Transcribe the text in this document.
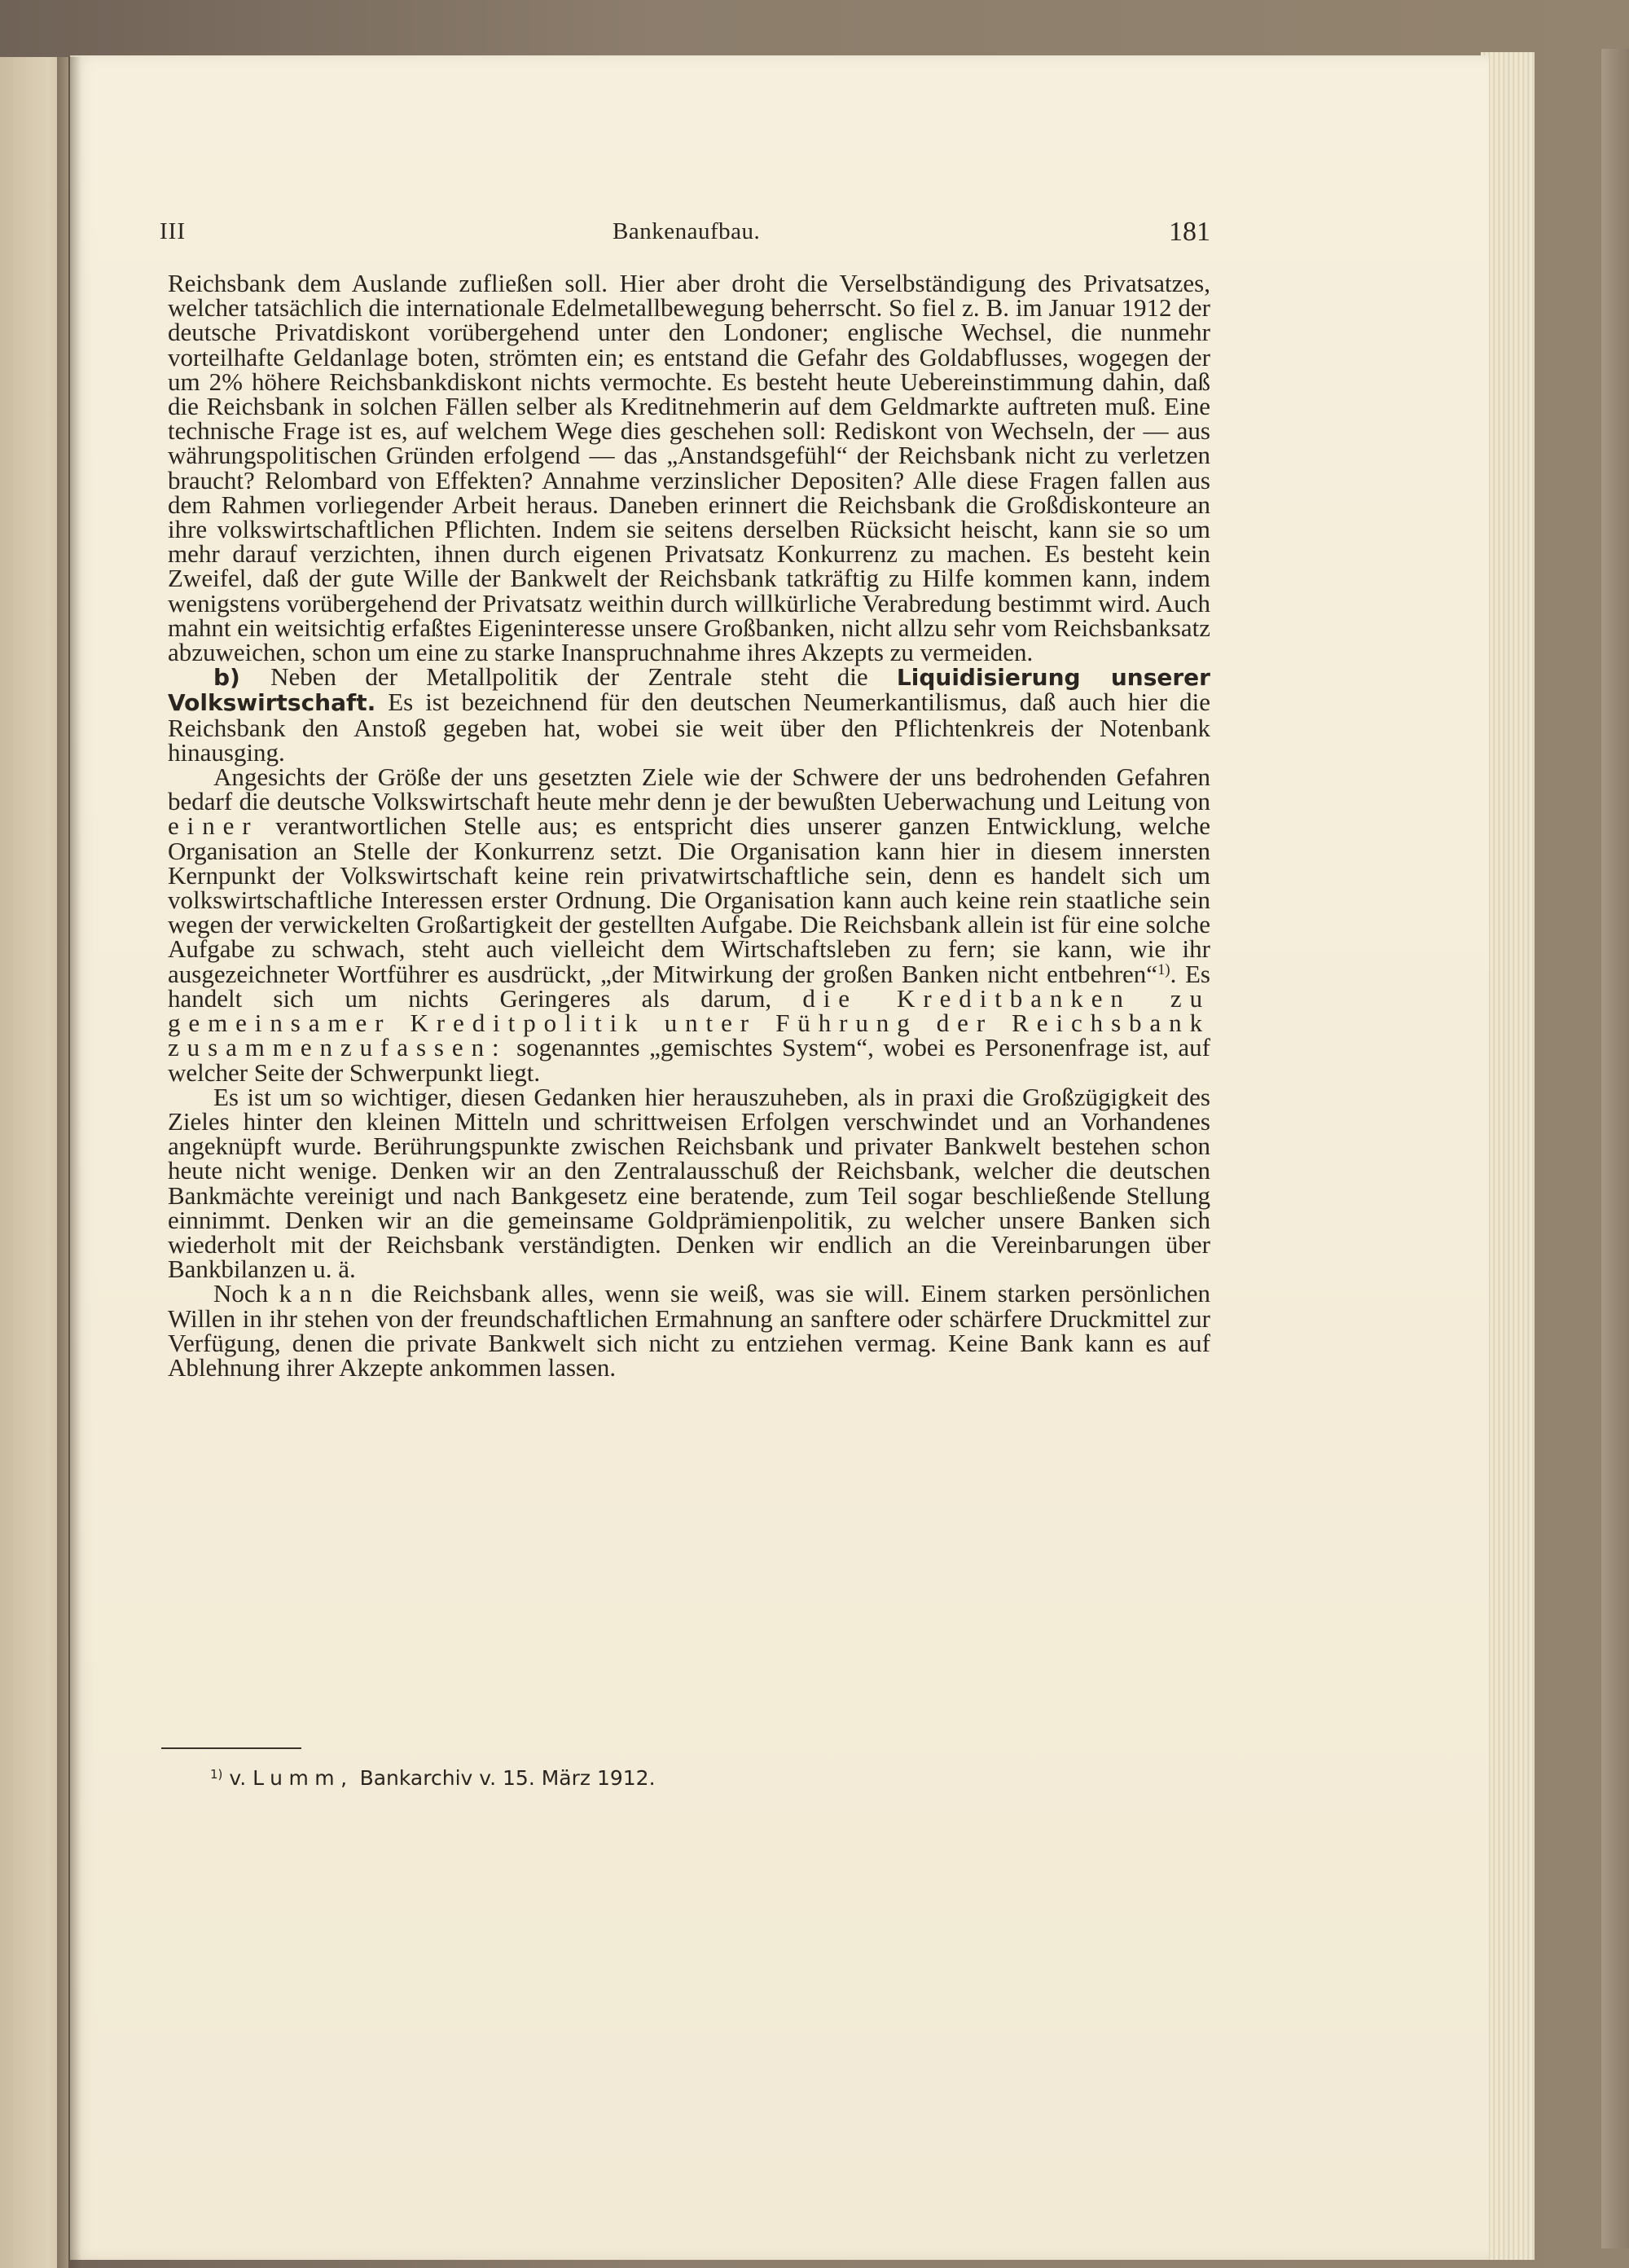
III	Bankenaufbau.	181

Reichsbank dem Auslande zufließen soll. Hier aber droht die Verselbständigung des Privatsatzes, welcher tatsächlich die internationale Edelmetallbewegung beherrscht. So fiel z. B. im Januar 1912 der deutsche Privatdiskont vorübergehend unter den Londoner; englische Wechsel, die nunmehr vorteilhafte Geldanlage boten, strömten ein; es entstand die Gefahr des Goldabflusses, wogegen der um 2% höhere Reichsbankdiskont nichts vermochte. Es besteht heute Uebereinstimmung dahin, daß die Reichsbank in solchen Fällen selber als Kreditnehmerin auf dem Geldmarkte auftreten muß. Eine technische Frage ist es, auf welchem Wege dies geschehen soll: Rediskont von Wechseln, der — aus währungspolitischen Gründen erfolgend — das „Anstandsgefühl“ der Reichsbank nicht zu verletzen braucht? Relombard von Effekten? Annahme verzinslicher Depositen? Alle diese Fragen fallen aus dem Rahmen vorliegender Arbeit heraus. Daneben erinnert die Reichsbank die Großdiskonteure an ihre volkswirtschaftlichen Pflichten. Indem sie seitens derselben Rücksicht heischt, kann sie so um mehr darauf verzichten, ihnen durch eigenen Privatsatz Konkurrenz zu machen. Es besteht kein Zweifel, daß der gute Wille der Bankwelt der Reichsbank tatkräftig zu Hilfe kommen kann, indem wenigstens vorübergehend der Privatsatz weithin durch willkürliche Verabredung bestimmt wird. Auch mahnt ein weitsichtig erfaßtes Eigeninteresse unsere Großbanken, nicht allzu sehr vom Reichsbanksatz abzuweichen, schon um eine zu starke Inanspruchnahme ihres Akzepts zu vermeiden.

b) Neben der Metallpolitik der Zentrale steht die Liquidisierung unserer Volkswirtschaft. Es ist bezeichnend für den deutschen Neumerkantilismus, daß auch hier die Reichsbank den Anstoß gegeben hat, wobei sie weit über den Pflichtenkreis der Notenbank hinausging.

Angesichts der Größe der uns gesetzten Ziele wie der Schwere der uns bedrohenden Gefahren bedarf die deutsche Volkswirtschaft heute mehr denn je der bewußten Ueberwachung und Leitung von einer verantwortlichen Stelle aus; es entspricht dies unserer ganzen Entwicklung, welche Organisation an Stelle der Konkurrenz setzt. Die Organisation kann hier in diesem innersten Kernpunkt der Volkswirtschaft keine rein privatwirtschaftliche sein, denn es handelt sich um volkswirtschaftliche Interessen erster Ordnung. Die Organisation kann auch keine rein staatliche sein wegen der verwickelten Großartigkeit der gestellten Aufgabe. Die Reichsbank allein ist für eine solche Aufgabe zu schwach, steht auch vielleicht dem Wirtschaftsleben zu fern; sie kann, wie ihr ausgezeichneter Wortführer es ausdrückt, „der Mitwirkung der großen Banken nicht entbehren“$^{1)}$. Es handelt sich um nichts Geringeres als darum, die Kreditbanken zu gemeinsamer Kreditpolitik unter Führung der Reichsbank zusammenzufassen: sogenanntes „gemischtes System“, wobei es Personenfrage ist, auf welcher Seite der Schwerpunkt liegt.

Es ist um so wichtiger, diesen Gedanken hier herauszuheben, als in praxi die Großzügigkeit des Zieles hinter den kleinen Mitteln und schrittweisen Erfolgen verschwindet und an Vorhandenes angeknüpft wurde. Berührungspunkte zwischen Reichsbank und privater Bankwelt bestehen schon heute nicht wenige. Denken wir an den Zentralausschuß der Reichsbank, welcher die deutschen Bankmächte vereinigt und nach Bankgesetz eine beratende, zum Teil sogar beschließende Stellung einnimmt. Denken wir an die gemeinsame Goldprämienpolitik, zu welcher unsere Banken sich wiederholt mit der Reichsbank verständigten. Denken wir endlich an die Vereinbarungen über Bankbilanzen u. ä.

Noch kann die Reichsbank alles, wenn sie weiß, was sie will. Einem starken persönlichen Willen in ihr stehen von der freundschaftlichen Ermahnung an sanftere oder schärfere Druckmittel zur Verfügung, denen die private Bankwelt sich nicht zu entziehen vermag. Keine Bank kann es auf Ablehnung ihrer Akzepte ankommen lassen.

$^{1)}$ v. Lumm, Bankarchiv v. 15. März 1912.
